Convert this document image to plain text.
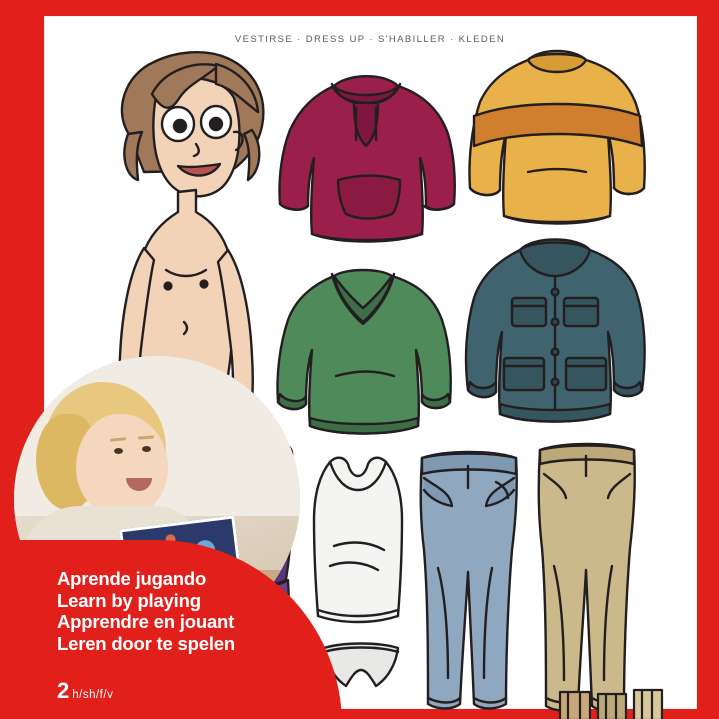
VESTIRSE · DRESS UP · S'HABILLER · KLEDEN
Aprende jugando
Learn by playing
Apprendre en jouant
Leren door te spelen
2 h/sh/f/v
